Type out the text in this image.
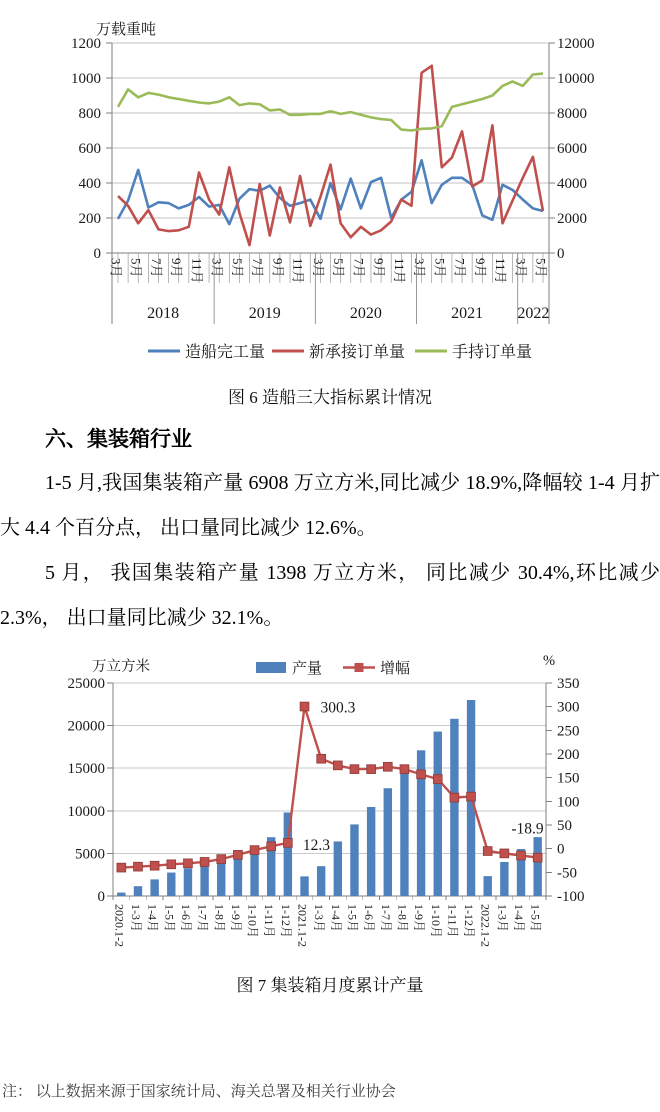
0
200
400
600
800
1000
1200
0
2000
4000
6000
8000
10000
12000
万载重吨
3月 5月 7月 9月 11月 3月 5月 7月 9月 11月 3月 5月 7月 9月 11月 3月 5月 7月 9月 11月 3月 5月
2018	2019	2020	2021 2022
造船完工量	新承接订单量	手持订单量
图 6 造船三大指标累计情况
六、集装箱行业

1-5 月,我国集装箱产量 6908 万立方米,同比减少 18.9%,降幅较 1-4 月扩大 4.4 个百分点， 出口量同比减少 12.6%。

5 月， 我国集装箱产量 1398 万立方米， 同比减少 30.4%,环比减少 2.3%， 出口量同比减少 32.1%。

0
5000
10000
15000
20000
25000
-100
-50
0
50
100
150
200
250
300
350
12.3
300.3
-18.9
2020.1-2 1-3月 1-4月 1-5月 1-6月 1-7月 1-8月 1-9月 1-10月 1-11月 1-12月 2021.1-2 1-3月 1-4月 1-5月 1-6月 1-7月 1-8月 1-9月 1-10月 1-11月 1-12月 2022.1-2 1-3月 1-4月 1-5月
产量	增幅
万立方米	%
图 7 集装箱月度累计产量
注： 以上数据来源于国家统计局、海关总署及相关行业协会
